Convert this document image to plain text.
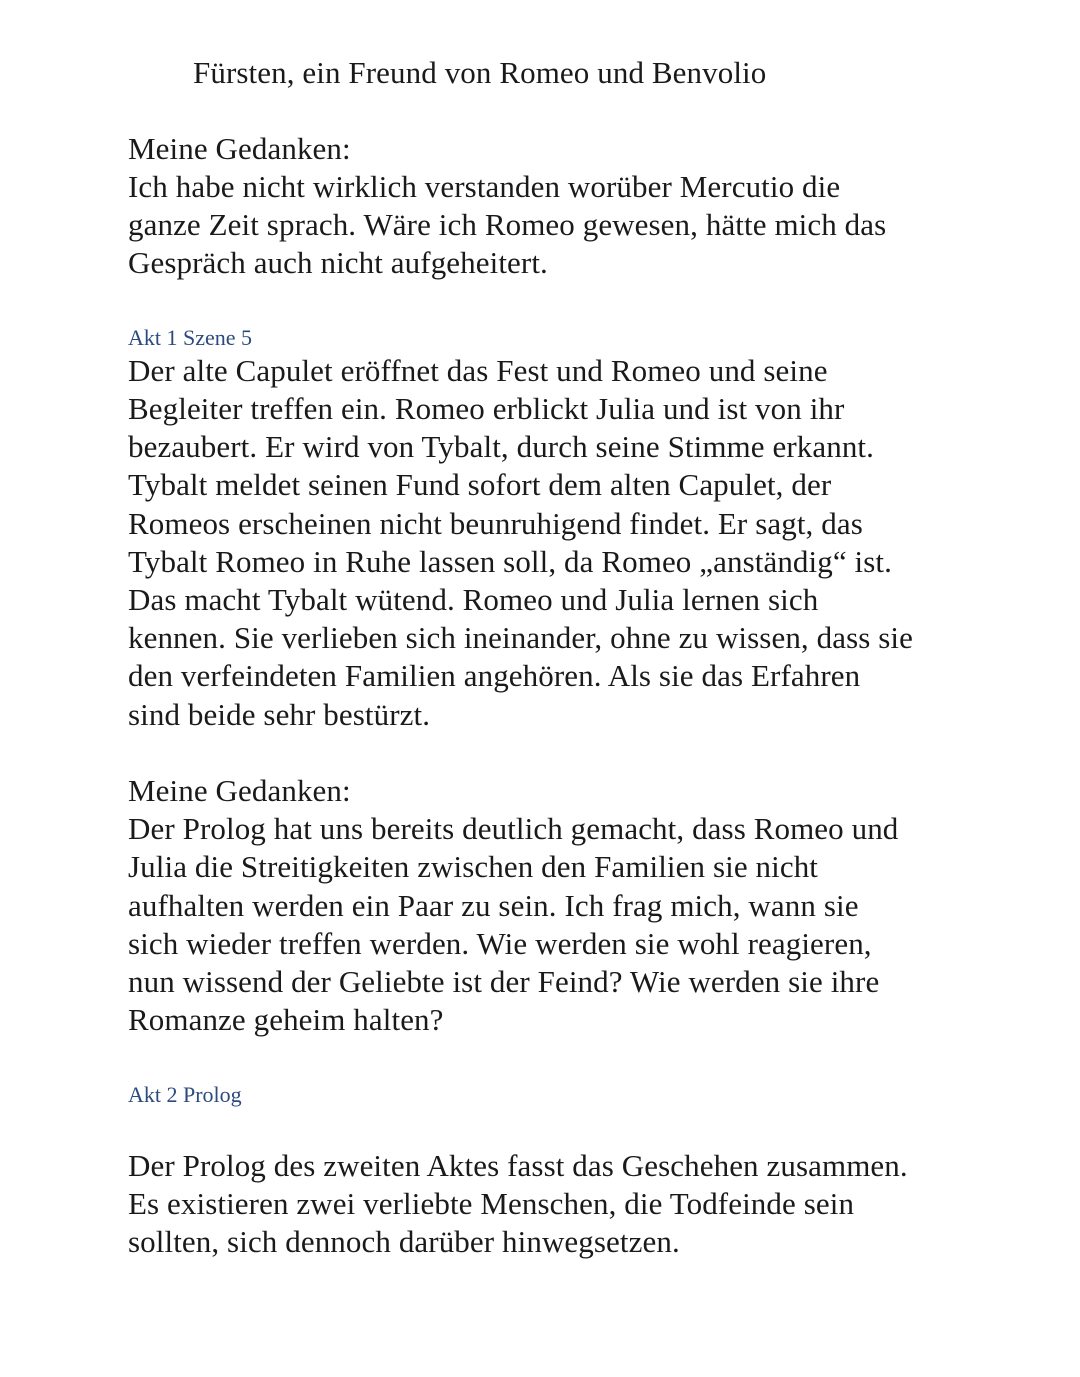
Fürsten, ein Freund von Romeo und Benvolio
Meine Gedanken:
Ich habe nicht wirklich verstanden worüber Mercutio die
ganze Zeit sprach. Wäre ich Romeo gewesen, hätte mich das
Gespräch auch nicht aufgeheitert.
Akt 1 Szene 5
Der alte Capulet eröffnet das Fest und Romeo und seine
Begleiter treffen ein. Romeo erblickt Julia und ist von ihr
bezaubert. Er wird von Tybalt, durch seine Stimme erkannt.
Tybalt meldet seinen Fund sofort dem alten Capulet, der
Romeos erscheinen nicht beunruhigend findet. Er sagt, das
Tybalt Romeo in Ruhe lassen soll, da Romeo „anständig“ ist.
Das macht Tybalt wütend. Romeo und Julia lernen sich
kennen. Sie verlieben sich ineinander, ohne zu wissen, dass sie
den verfeindeten Familien angehören. Als sie das Erfahren
sind beide sehr bestürzt.
Meine Gedanken:
Der Prolog hat uns bereits deutlich gemacht, dass Romeo und
Julia die Streitigkeiten zwischen den Familien sie nicht
aufhalten werden ein Paar zu sein. Ich frag mich, wann sie
sich wieder treffen werden. Wie werden sie wohl reagieren,
nun wissend der Geliebte ist der Feind? Wie werden sie ihre
Romanze geheim halten?
Akt 2 Prolog
Der Prolog des zweiten Aktes fasst das Geschehen zusammen.
Es existieren zwei verliebte Menschen, die Todfeinde sein
sollten, sich dennoch darüber hinwegsetzen.
